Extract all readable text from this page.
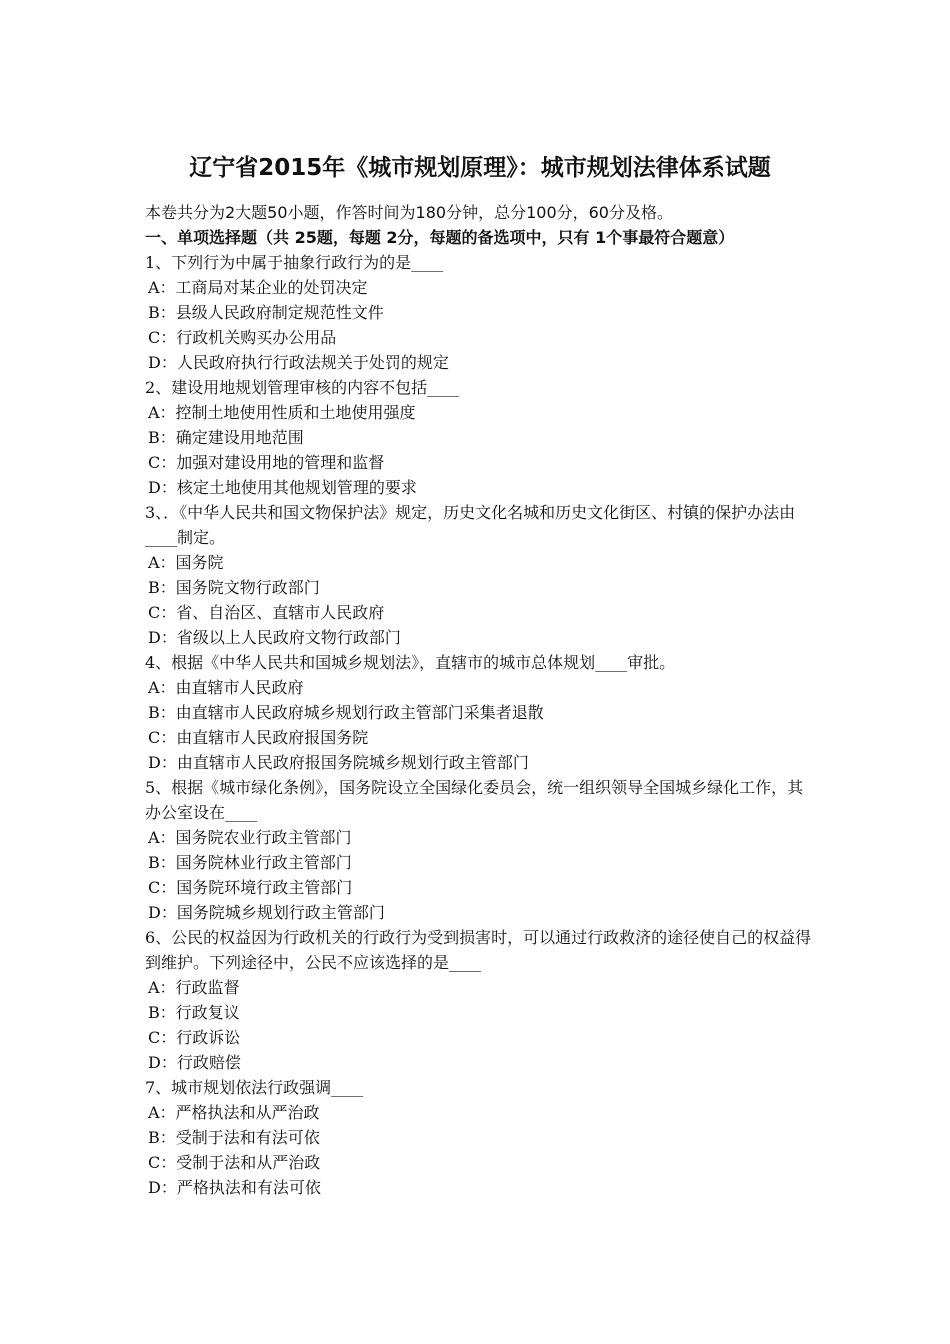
辽宁省2015年《城市规划原理》：城市规划法律体系试题
本卷共分为2大题50小题，作答时间为180分钟，总分100分，60分及格。
一、单项选择题（共 25题，每题 2分，每题的备选项中，只有 1个事最符合题意）
1、下列行为中属于抽象行政行为的是____
A：工商局对某企业的处罚决定
B：县级人民政府制定规范性文件
C：行政机关购买办公用品
D：人民政府执行行政法规关于处罚的规定
2、建设用地规划管理审核的内容不包括____
A：控制土地使用性质和土地使用强度
B：确定建设用地范围
C：加强对建设用地的管理和监督
D：核定土地使用其他规划管理的要求
3、．《中华人民共和国文物保护法》规定，历史文化名城和历史文化街区、村镇的保护办法由____制定。
A：国务院
B：国务院文物行政部门
C：省、自治区、直辖市人民政府
D：省级以上人民政府文物行政部门
4、根据《中华人民共和国城乡规划法》，直辖市的城市总体规划____审批。
A：由直辖市人民政府
B：由直辖市人民政府城乡规划行政主管部门采集者退散
C：由直辖市人民政府报国务院
D：由直辖市人民政府报国务院城乡规划行政主管部门
5、根据《城市绿化条例》，国务院设立全国绿化委员会，统一组织领导全国城乡绿化工作，其办公室设在____
A：国务院农业行政主管部门
B：国务院林业行政主管部门
C：国务院环境行政主管部门
D：国务院城乡规划行政主管部门
6、公民的权益因为行政机关的行政行为受到损害时，可以通过行政救济的途径使自己的权益得到维护。下列途径中，公民不应该选择的是____
A：行政监督
B：行政复议
C：行政诉讼
D：行政赔偿
7、城市规划依法行政强调____
A：严格执法和从严治政
B：受制于法和有法可依
C：受制于法和从严治政
D：严格执法和有法可依
